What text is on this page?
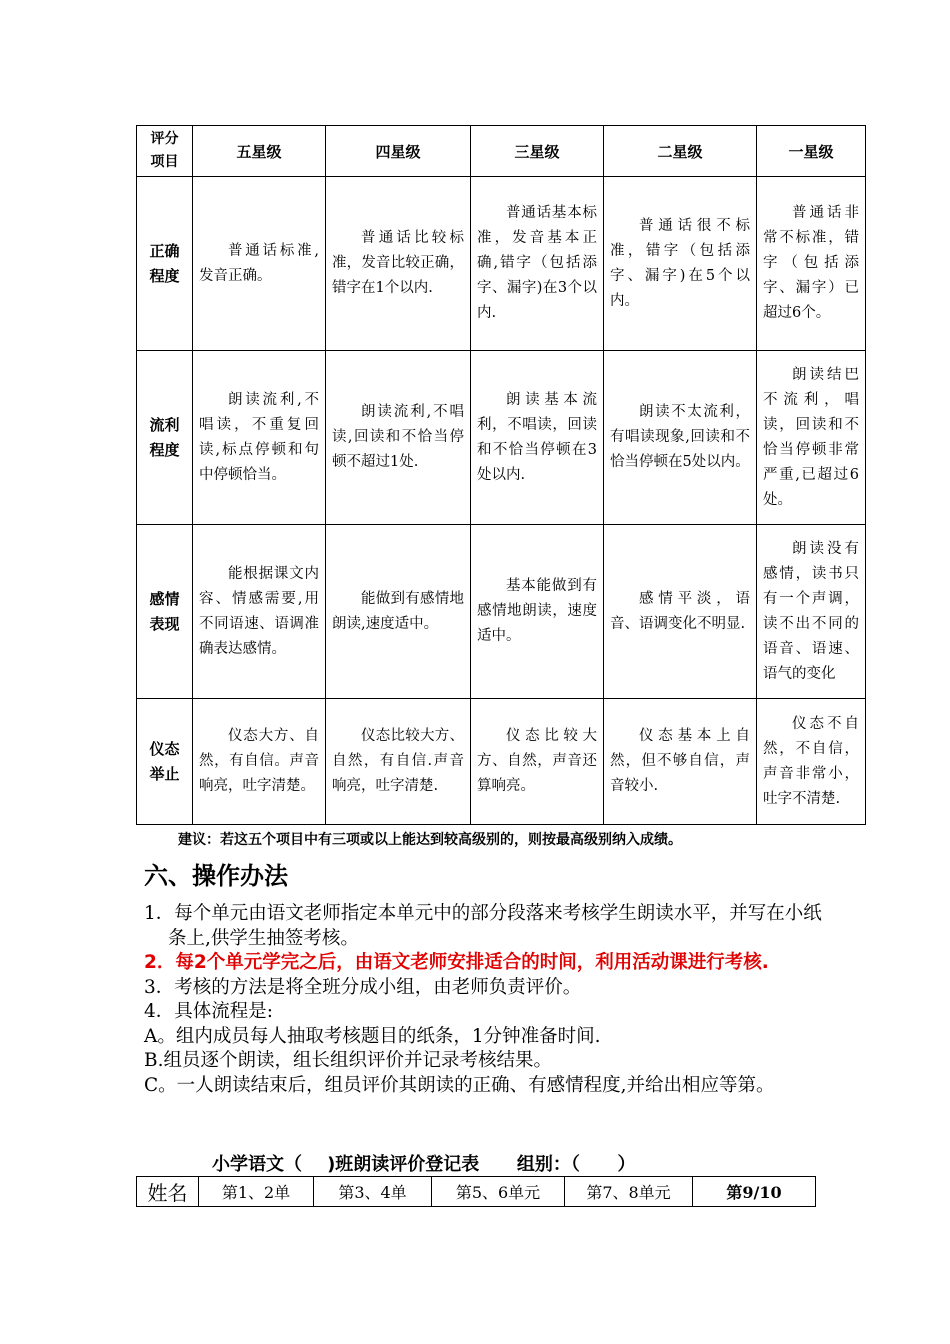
评分
项目	五星级	四星级	三星级	二星级	一星级
正确
程度	普通话标准,发音正确。	普通话比较标准，发音比较正确，错字在1个以内.	普通话基本标准，发音基本正确,错字（包括添字、漏字)在3个以内.	普通话很不标准，错字（包括添字、漏字)在5个以内。	普通话非常不标准，错字（包括添字、漏字）已超过6个。
流利
程度	朗读流利,不唱读，不重复回读,标点停顿和句中停顿恰当。	朗读流利,不唱读,回读和不恰当停顿不超过1处.	朗读基本流利，不唱读，回读和不恰当停顿在3处以内.	朗读不太流利，有唱读现象,回读和不恰当停顿在5处以内。	朗读结巴不流利，唱读，回读和不恰当停顿非常严重,已超过6处。
感情
表现	能根据课文内容、情感需要,用不同语速、语调准确表达感情。	能做到有感情地朗读,速度适中。	基本能做到有感情地朗读，速度适中。	感情平淡，语音、语调变化不明显.	朗读没有感情，读书只有一个声调，读不出不同的语音、语速、语气的变化
仪态
举止	仪态大方、自然，有自信。声音响亮，吐字清楚。	仪态比较大方、自然，有自信.声音响亮，吐字清楚.	仪态比较大方、自然，声音还算响亮。	仪态基本上自然，但不够自信，声音较小.	仪态不自然，不自信，声音非常小，吐字不清楚.
建议：若这五个项目中有三项或以上能达到较高级别的，则按最高级别纳入成绩。
六、操作办法

1．每个单元由语文老师指定本单元中的部分段落来考核学生朗读水平，并写在小纸条上,供学生抽签考核。

2．每2个单元学完之后，由语文老师安排适合的时间，利用活动课进行考核.

3．考核的方法是将全班分成小组，由老师负责评价。

4．具体流程是:

A。组内成员每人抽取考核题目的纸条，1分钟准备时间.

B.组员逐个朗读，组长组织评价并记录考核结果。

C。一人朗读结束后，组员评价其朗读的正确、有感情程度,并给出相应等第。

小学语文（    )班朗读评价登记表      组别：（      ）
姓名	第1、2单	第3、4单	第5、6单元	第7、8单元	第9/10
